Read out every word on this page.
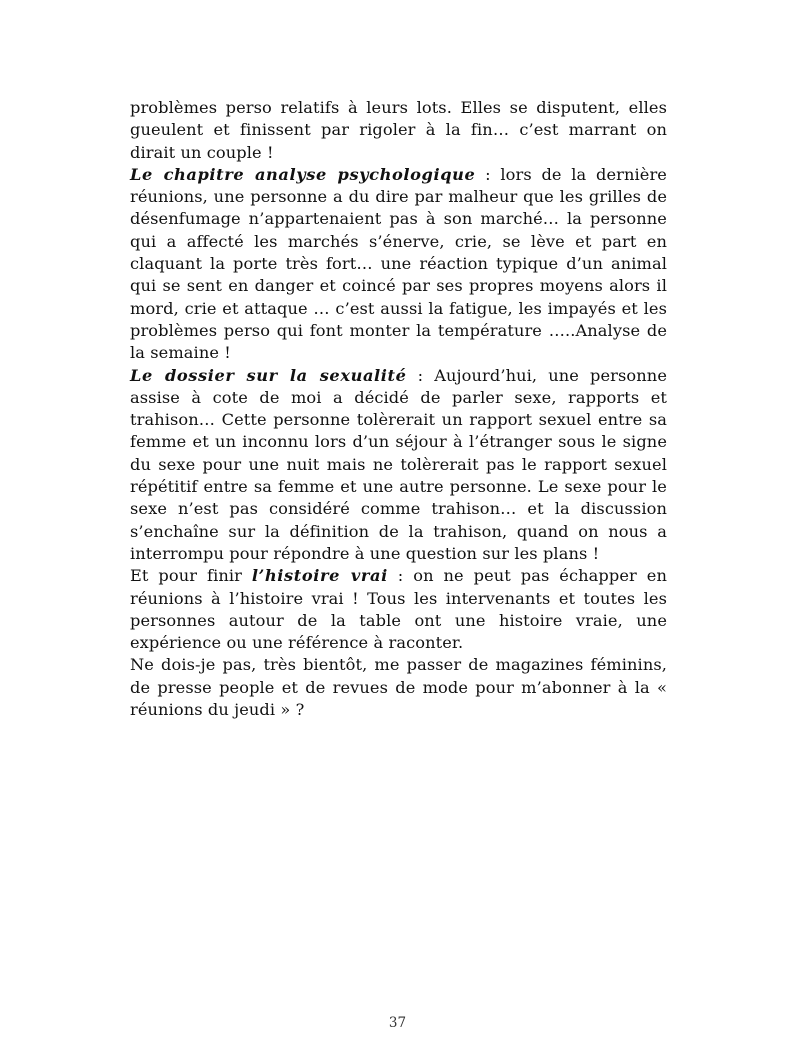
problèmes perso relatifs à leurs lots. Elles se disputent, elles gueulent et finissent par rigoler à la fin… c’est marrant on dirait un couple !

Le chapitre analyse psychologique : lors de la dernière réunions, une personne a du dire par malheur que les grilles de désenfumage n’appartenaient pas à son marché… la personne qui a affecté les marchés s’énerve, crie, se lève et part en claquant la porte très fort… une réaction typique d’un animal qui se sent en danger et coincé par ses propres moyens alors il mord, crie et attaque … c’est aussi la fatigue, les impayés et les problèmes perso qui font monter la température …..Analyse de la semaine !

Le dossier sur la sexualité : Aujourd’hui, une personne assise à cote de moi a décidé de parler sexe, rapports et trahison… Cette personne tolèrerait un rapport sexuel entre sa femme et un inconnu lors d’un séjour à l’étranger sous le signe du sexe pour une nuit mais ne tolèrerait pas le rapport sexuel répétitif entre sa femme et une autre personne. Le sexe pour le sexe n’est pas considéré comme trahison… et la discussion s’enchaîne sur la définition de la trahison, quand on nous a interrompu pour répondre à une question sur les plans !

Et pour finir l’histoire vrai : on ne peut pas échapper en réunions à l’histoire vrai ! Tous les intervenants et toutes les personnes autour de la table ont une histoire vraie, une expérience ou une référence à raconter.

Ne dois-je pas, très bientôt, me passer de magazines féminins, de presse people et de revues de mode pour m’abonner à la « réunions du jeudi » ?

37
